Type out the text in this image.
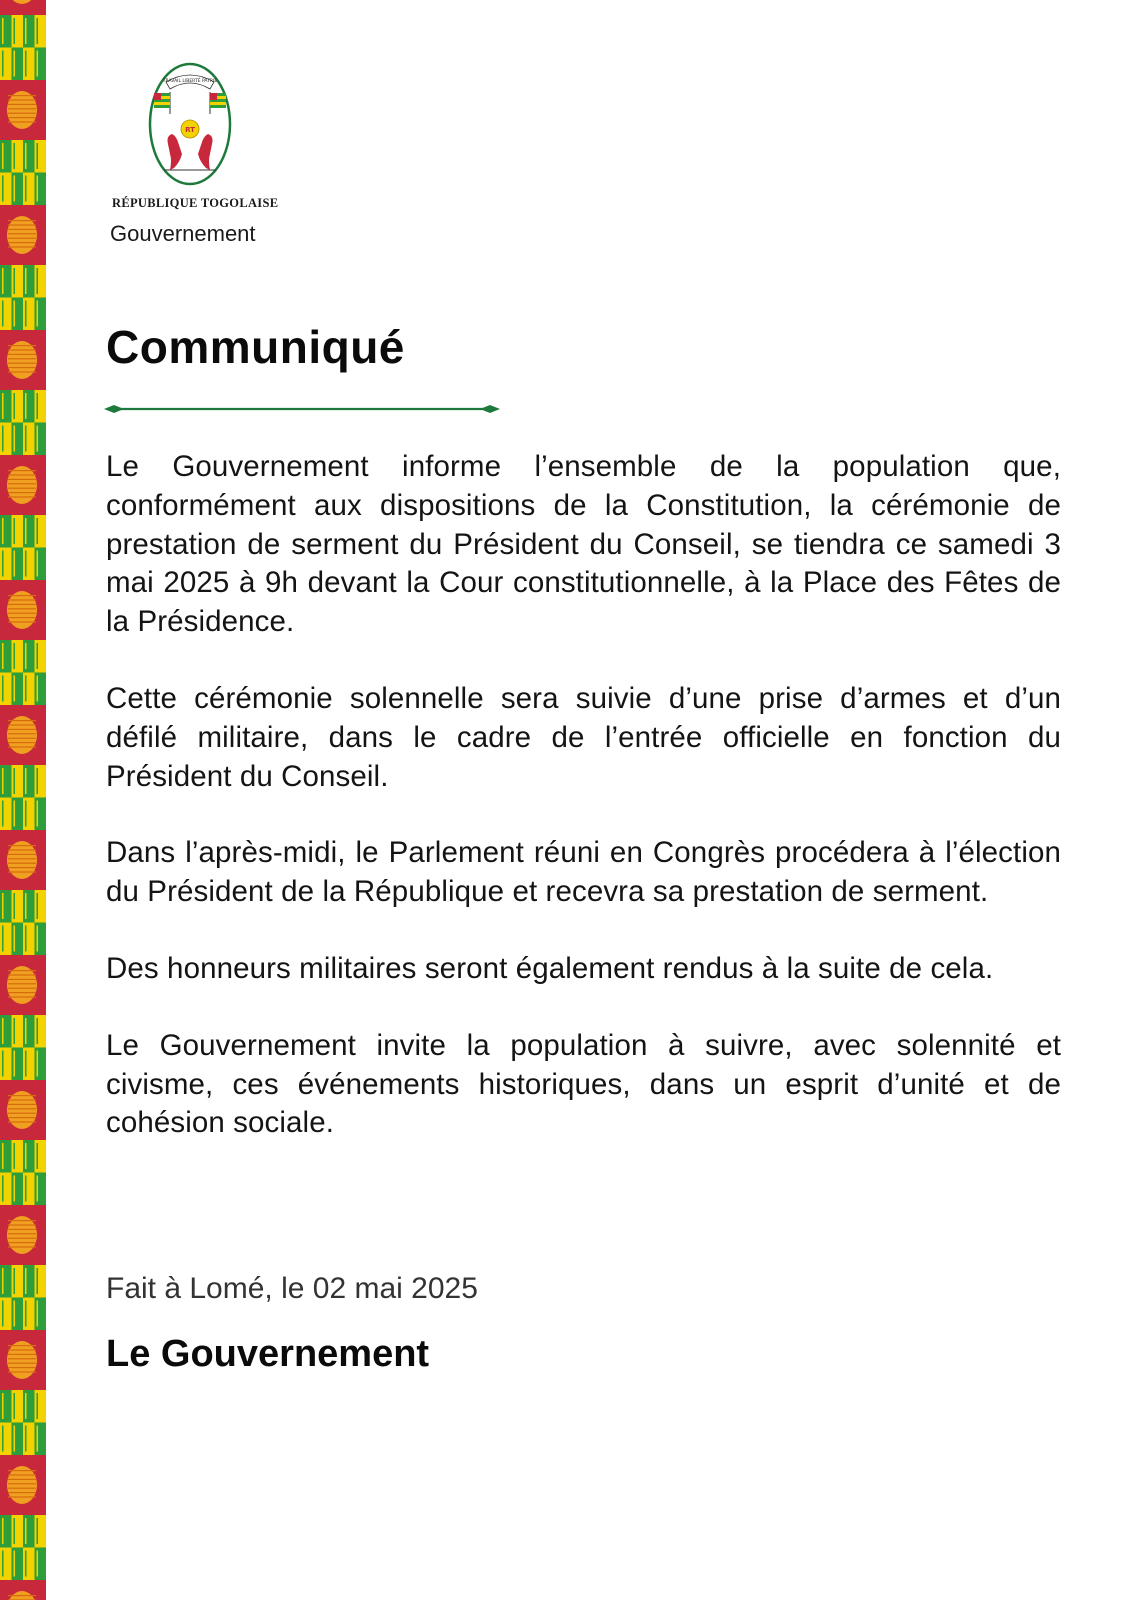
TRAVAIL LIBERTÉ PATRIE
RT
RÉPUBLIQUE TOGOLAISE
Gouvernement
Communiqué

Le Gouvernement informe l’ensemble de la population que, conformément aux dispositions de la Constitution, la cérémonie de prestation de serment du Président du Conseil, se tiendra ce samedi 3 mai 2025 à 9h devant la Cour constitutionnelle, à la Place des Fêtes de la Présidence.

Cette cérémonie solennelle sera suivie d’une prise d’armes et d’un défilé militaire, dans le cadre de l’entrée officielle en fonction du Président du Conseil.

Dans l’après-midi, le Parlement réuni en Congrès procédera à l’élection du Président de la République et recevra sa prestation de serment.

Des honneurs militaires seront également rendus à la suite de cela.

Le Gouvernement invite la population à suivre, avec solennité et civisme, ces événements historiques, dans un esprit d’unité et de cohésion sociale.

Fait à Lomé, le 02 mai 2025
Le Gouvernement
